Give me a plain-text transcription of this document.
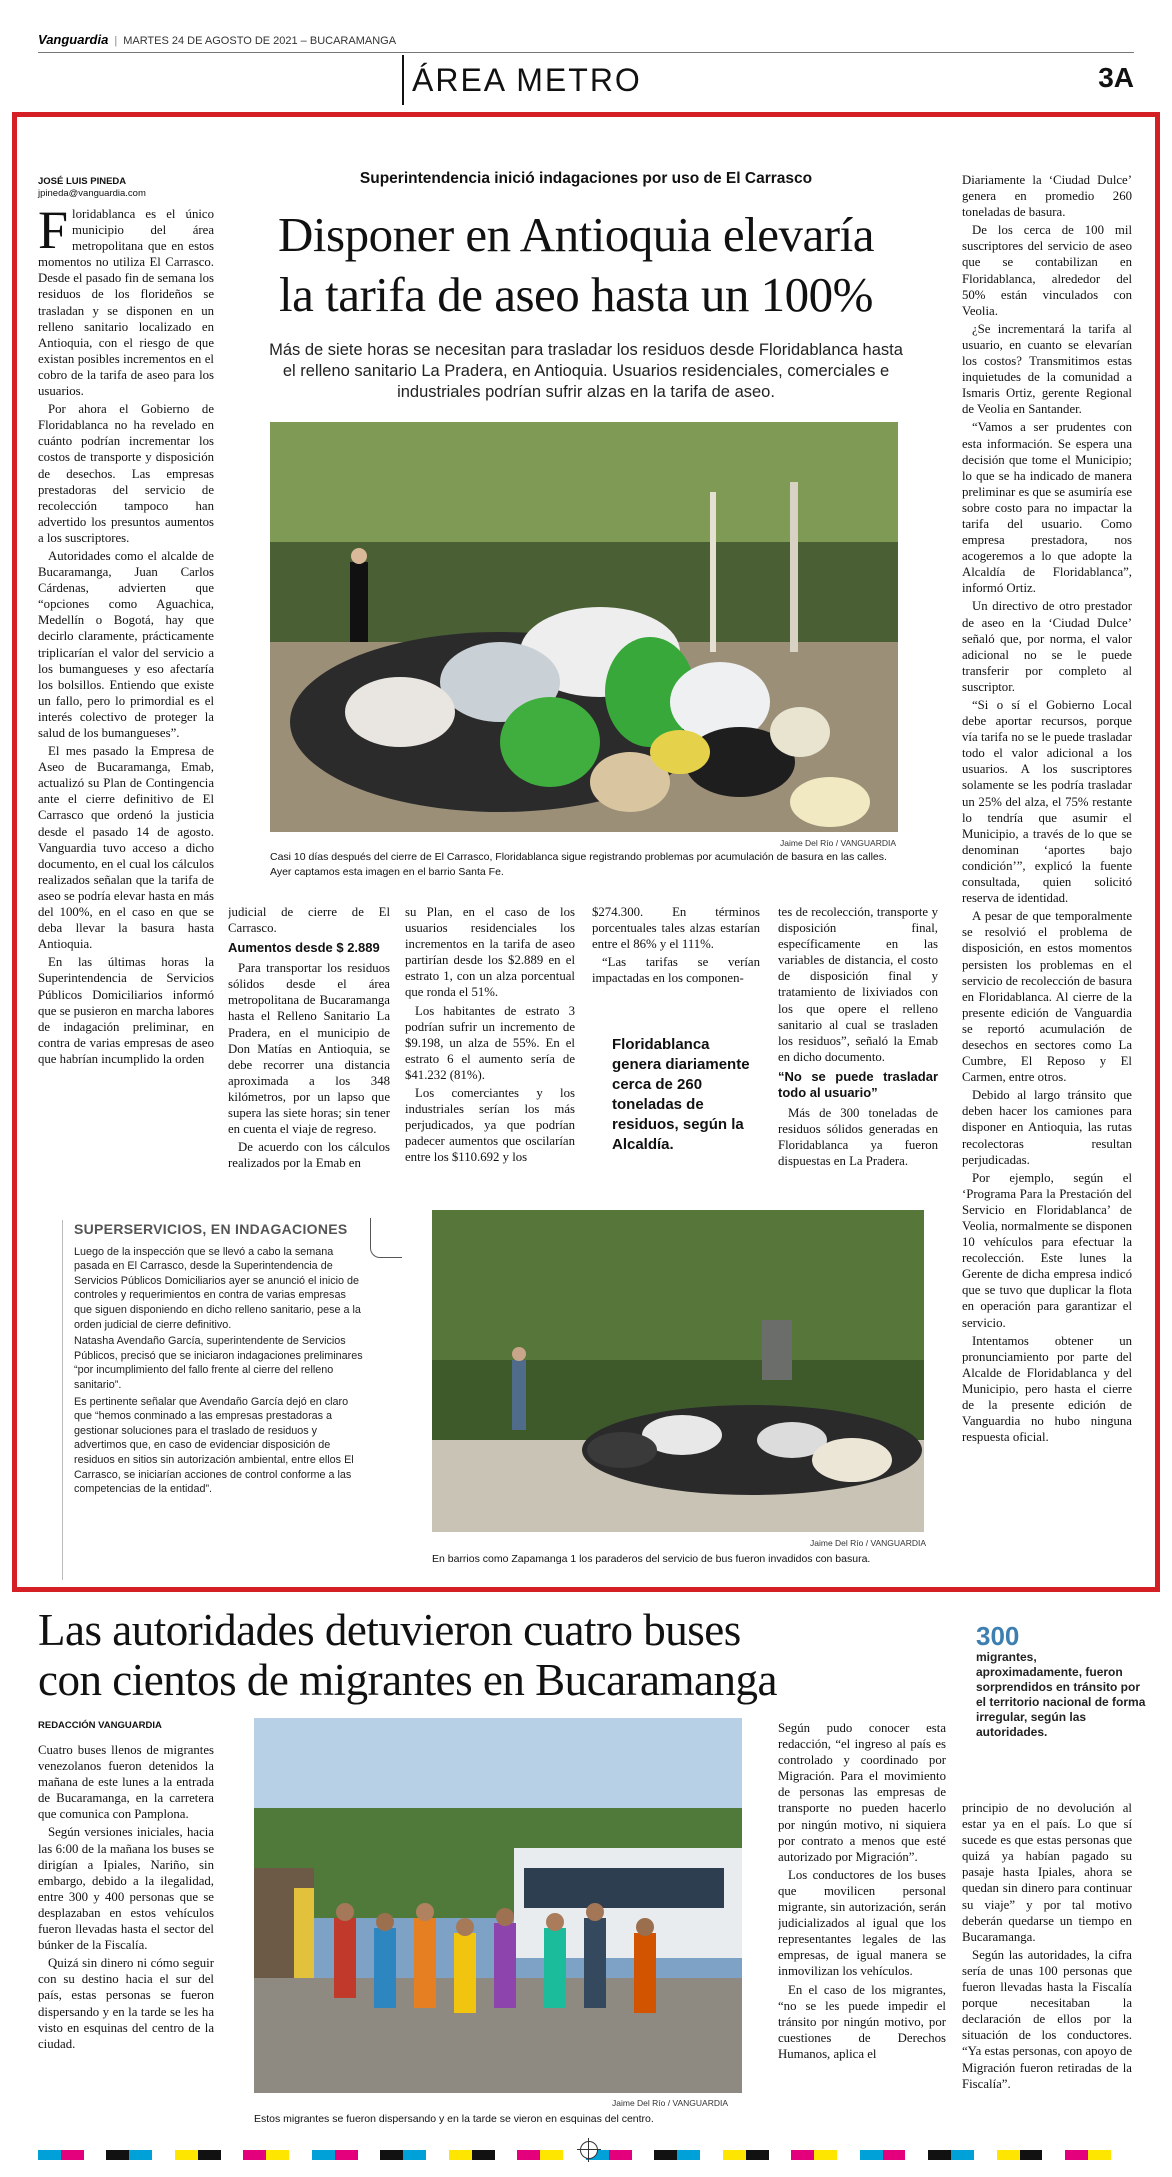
Vanguardia | MARTES 24 DE AGOSTO DE 2021 – BUCARAMANGA
ÁREA METRO	3A
JOSÉ LUIS PINEDA
jpineda@vanguardia.com
Superintendencia inició indagaciones por uso de El Carrasco
Disponer en Antioquia elevaría
la tarifa de aseo hasta un 100%
Más de siete horas se necesitan para trasladar los residuos desde Floridablanca hasta el relleno sanitario La Pradera, en Antioquia. Usuarios residenciales, comerciales e industriales podrían sufrir alzas en la tarifa de aseo.

Floridablanca es el único municipio del área metropolitana que en estos momentos no utiliza El Carrasco. Desde el pasado fin de semana los residuos de los florideños se trasladan y se disponen en un relleno sanitario localizado en Antioquia, con el riesgo de que existan posibles incrementos en el cobro de la tarifa de aseo para los usuarios.

Por ahora el Gobierno de Floridablanca no ha revelado en cuánto podrían incrementar los costos de transporte y disposición de desechos. Las empresas prestadoras del servicio de recolección tampoco han advertido los presuntos aumentos a los suscriptores.

Autoridades como el alcalde de Bucaramanga, Juan Carlos Cárdenas, advierten que “opciones como Aguachica, Medellín o Bogotá, hay que decirlo claramente, prácticamente triplicarían el valor del servicio a los bumangueses y eso afectaría los bolsillos. Entiendo que existe un fallo, pero lo primordial es el interés colectivo de proteger la salud de los bumangueses”.

El mes pasado la Empresa de Aseo de Bucaramanga, Emab, actualizó su Plan de Contingencia ante el cierre definitivo de El Carrasco que ordenó la justicia desde el pasado 14 de agosto. Vanguardia tuvo acceso a dicho documento, en el cual los cálculos realizados señalan que la tarifa de aseo se podría elevar hasta en más del 100%, en el caso en que se deba llevar la basura hasta Antioquia.

En las últimas horas la Superintendencia de Servicios Públicos Domiciliarios informó que se pusieron en marcha labores de indagación preliminar, en contra de varias empresas de aseo que habrían incumplido la orden

Jaime Del Río / VANGUARDIA
Casi 10 días después del cierre de El Carrasco, Floridablanca sigue registrando problemas por acumulación de basura en las calles. Ayer captamos esta imagen en el barrio Santa Fe.

judicial de cierre de El Carrasco.

Aumentos desde $ 2.889

Para transportar los residuos sólidos desde el área metropolitana de Bucaramanga hasta el Relleno Sanitario La Pradera, en el municipio de Don Matías en Antioquia, se debe recorrer una distancia aproximada a los 348 kilómetros, por un lapso que supera las siete horas; sin tener en cuenta el viaje de regreso.

De acuerdo con los cálculos realizados por la Emab en

su Plan, en el caso de los usuarios residenciales los incrementos en la tarifa de aseo partirían desde los $2.889 en el estrato 1, con un alza porcentual que ronda el 51%.

Los habitantes de estrato 3 podrían sufrir un incremento de $9.198, un alza de 55%. En el estrato 6 el aumento sería de $41.232 (81%).

Los comerciantes y los industriales serían los más perjudicados, ya que podrían padecer aumentos que oscilarían entre los $110.692 y los

$274.300. En términos porcentuales tales alzas estarían entre el 86% y el 111%.

“Las tarifas se verían impactadas en los componen-

Floridablanca genera diariamente cerca de 260 toneladas de residuos, según la Alcaldía.

tes de recolección, transporte y disposición final, específicamente en las variables de distancia, el costo de disposición final y tratamiento de lixiviados con los que opere el relleno sanitario al cual se trasladen los residuos”, señaló la Emab en dicho documento.

“No se puede trasladar todo al usuario”

Más de 300 toneladas de residuos sólidos generadas en Floridablanca ya fueron dispuestas en La Pradera.

Diariamente la ‘Ciudad Dulce’ genera en promedio 260 toneladas de basura.

De los cerca de 100 mil suscriptores del servicio de aseo que se contabilizan en Floridablanca, alrededor del 50% están vinculados con Veolia.

¿Se incrementará la tarifa al usuario, en cuanto se elevarían los costos? Transmitimos estas inquietudes de la comunidad a Ismaris Ortiz, gerente Regional de Veolia en Santander.

“Vamos a ser prudentes con esta información. Se espera una decisión que tome el Municipio; lo que se ha indicado de manera preliminar es que se asumiría ese sobre costo para no impactar la tarifa del usuario. Como empresa prestadora, nos acogeremos a lo que adopte la Alcaldía de Floridablanca”, informó Ortiz.

Un directivo de otro prestador de aseo en la ‘Ciudad Dulce’ señaló que, por norma, el valor adicional no se le puede transferir por completo al suscriptor.

“Si o sí el Gobierno Local debe aportar recursos, porque vía tarifa no se le puede trasladar todo el valor adicional a los usuarios. A los suscriptores solamente se les podría trasladar un 25% del alza, el 75% restante lo tendría que asumir el Municipio, a través de lo que se denominan ‘aportes bajo condición’”, explicó la fuente consultada, quien solicitó reserva de identidad.

A pesar de que temporalmente se resolvió el problema de disposición, en estos momentos persisten los problemas en el servicio de recolección de basura en Floridablanca. Al cierre de la presente edición de Vanguardia se reportó acumulación de desechos en sectores como La Cumbre, El Reposo y El Carmen, entre otros.

Debido al largo tránsito que deben hacer los camiones para disponer en Antioquia, las rutas recolectoras resultan perjudicadas.

Por ejemplo, según el ‘Programa Para la Prestación del Servicio en Floridablanca’ de Veolia, normalmente se disponen 10 vehículos para efectuar la recolección. Este lunes la Gerente de dicha empresa indicó que se tuvo que duplicar la flota en operación para garantizar el servicio.

Intentamos obtener un pronunciamiento por parte del Alcalde de Floridablanca y del Municipio, pero hasta el cierre de la presente edición de Vanguardia no hubo ninguna respuesta oficial.

SUPERSERVICIOS, EN INDAGACIONES

Luego de la inspección que se llevó a cabo la semana pasada en El Carrasco, desde la Superintendencia de Servicios Públicos Domiciliarios ayer se anunció el inicio de controles y requerimientos en contra de varias empresas que siguen disponiendo en dicho relleno sanitario, pese a la orden judicial de cierre definitivo.

Natasha Avendaño García, superintendente de Servicios Públicos, precisó que se iniciaron indagaciones preliminares “por incumplimiento del fallo frente al cierre del relleno sanitario”.

Es pertinente señalar que Avendaño García dejó en claro que “hemos conminado a las empresas prestadoras a gestionar soluciones para el traslado de residuos y advertimos que, en caso de evidenciar disposición de residuos en sitios sin autorización ambiental, entre ellos El Carrasco, se iniciarían acciones de control conforme a las competencias de la entidad”.

Jaime Del Río / VANGUARDIA
En barrios como Zapamanga 1 los paraderos del servicio de bus fueron invadidos con basura.
Las autoridades detuvieron cuatro buses
con cientos de migrantes en Bucaramanga
300
migrantes, aproximadamente, fueron sorprendidos en tránsito por el territorio nacional de forma irregular, según las autoridades.
REDACCIÓN VANGUARDIA

Cuatro buses llenos de migrantes venezolanos fueron detenidos la mañana de este lunes a la entrada de Bucaramanga, en la carretera que comunica con Pamplona.

Según versiones iniciales, hacia las 6:00 de la mañana los buses se dirigían a Ipiales, Nariño, sin embargo, debido a la ilegalidad, entre 300 y 400 personas que se desplazaban en estos vehículos fueron llevadas hasta el sector del búnker de la Fiscalía.

Quizá sin dinero ni cómo seguir con su destino hacia el sur del país, estas personas se fueron dispersando y en la tarde se les ha visto en esquinas del centro de la ciudad.

Jaime Del Río / VANGUARDIA
Estos migrantes se fueron dispersando y en la tarde se vieron en esquinas del centro.

Según pudo conocer esta redacción, “el ingreso al país es controlado y coordinado por Migración. Para el movimiento de personas las empresas de transporte no pueden hacerlo por ningún motivo, ni siquiera por contrato a menos que esté autorizado por Migración”.

Los conductores de los buses que movilicen personal migrante, sin autorización, serán judicializados al igual que los representantes legales de las empresas, de igual manera se inmovilizan los vehículos.

En el caso de los migrantes, “no se les puede impedir el tránsito por ningún motivo, por cuestiones de Derechos Humanos, aplica el

principio de no devolución al estar ya en el país. Lo que sí sucede es que estas personas que quizá ya habían pagado su pasaje hasta Ipiales, ahora se quedan sin dinero para continuar su viaje” y por tal motivo deberán quedarse un tiempo en Bucaramanga.

Según las autoridades, la cifra sería de unas 100 personas que fueron llevadas hasta la Fiscalía porque necesitaban la declaración de ellos por la situación de los conductores. “Ya estas personas, con apoyo de Migración fueron retiradas de la Fiscalía”.
